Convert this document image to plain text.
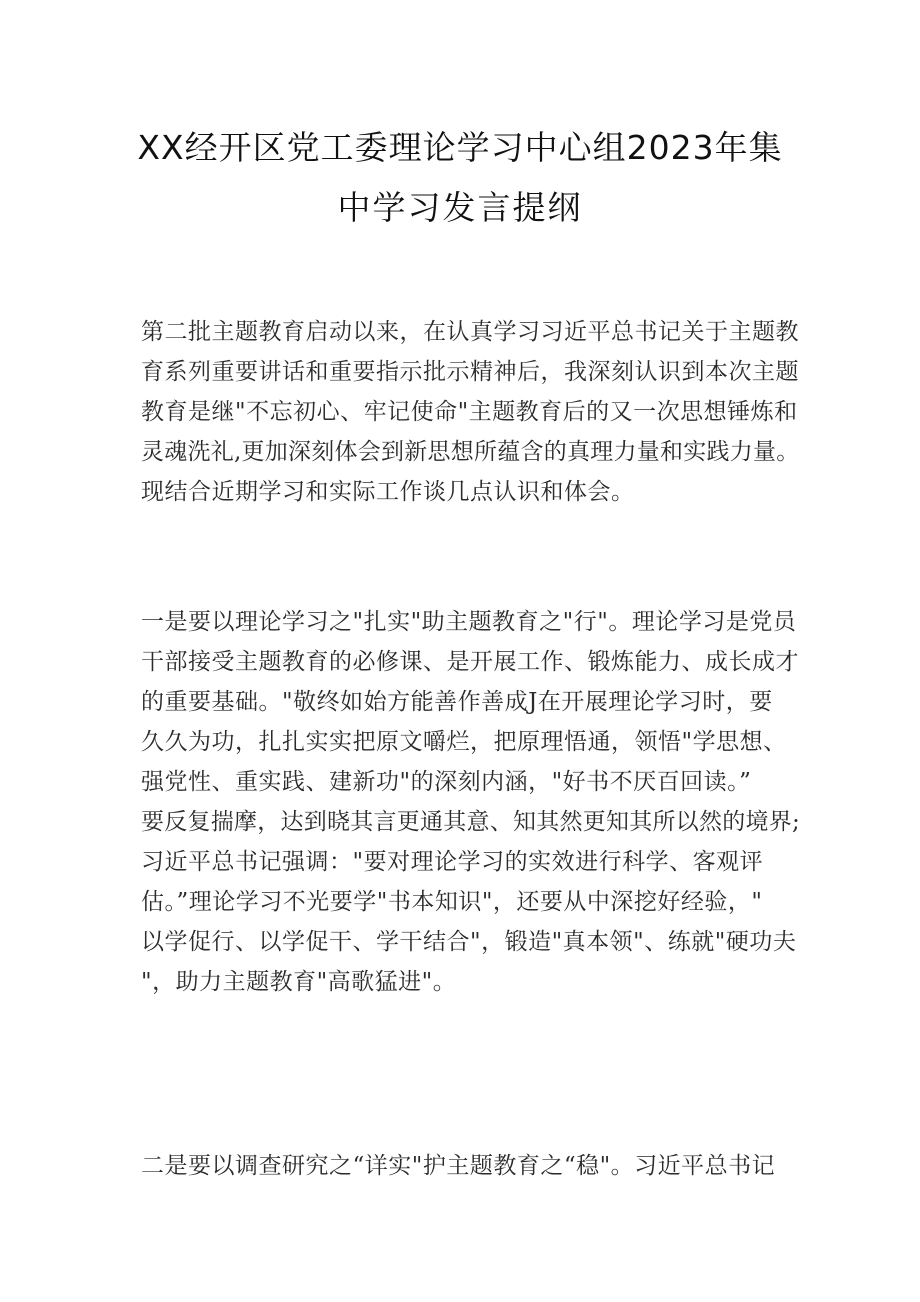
XX经开区党工委理论学习中心组2023年集
中学习发言提纲
第二批主题教育启动以来，在认真学习习近平总书记关于主题教
育系列重要讲话和重要指示批示精神后，我深刻认识到本次主题
教育是继"不忘初心、牢记使命"主题教育后的又一次思想锤炼和
灵魂洗礼,更加深刻体会到新思想所蕴含的真理力量和实践力量。
现结合近期学习和实际工作谈几点认识和体会。
一是要以理论学习之"扎实"助主题教育之"行"。理论学习是党员
干部接受主题教育的必修课、是开展工作、锻炼能力、成长成才
的重要基础。"敬终如始方能善作善成J在开展理论学习时，要
久久为功，扎扎实实把原文嚼烂，把原理悟通，领悟"学思想、
强党性、重实践、建新功"的深刻内涵，"好书不厌百回读。”
要反复揣摩，达到晓其言更通其意、知其然更知其所以然的境界;
习近平总书记强调："要对理论学习的实效进行科学、客观评
估。”理论学习不光要学"书本知识"，还要从中深挖好经验，"
以学促行、以学促干、学干结合"，锻造"真本领"、练就"硬功夫
"，助力主题教育"高歌猛进"。
二是要以调查研究之“详实"护主题教育之“稳"。习近平总书记
